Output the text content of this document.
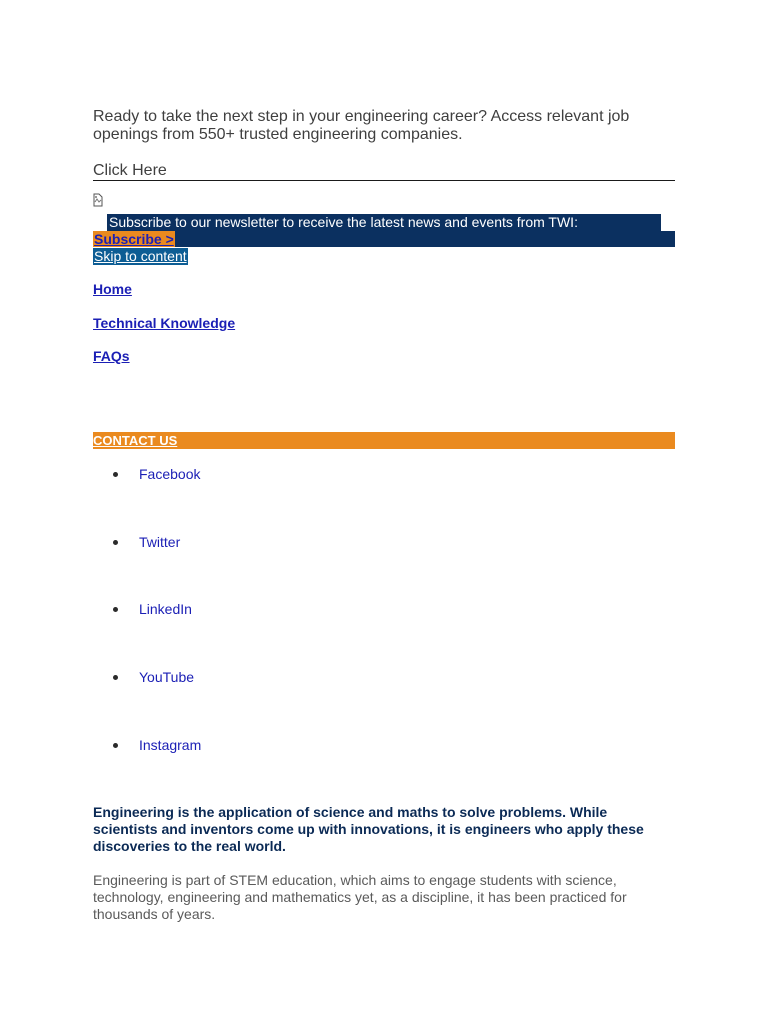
Ready to take the next step in your engineering career? Access relevant job openings from 550+ trusted engineering companies.

Click Here
Subscribe to our newsletter to receive the latest news and events from TWI:
Subscribe >
Skip to content
Home
Technical Knowledge
FAQs
CONTACT US
Facebook
Twitter
LinkedIn
YouTube
Instagram

Engineering is the application of science and maths to solve problems. While scientists and inventors come up with innovations, it is engineers who apply these discoveries to the real world.

Engineering is part of STEM education, which aims to engage students with science, technology, engineering and mathematics yet, as a discipline, it has been practiced for thousands of years.
